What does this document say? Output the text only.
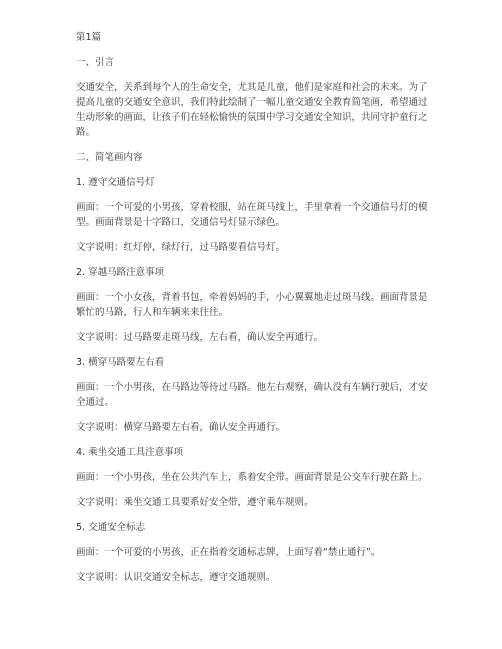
第1篇

一、引言

交通安全，关系到每个人的生命安全，尤其是儿童，他们是家庭和社会的未来。为了提高儿童的交通安全意识，我们特此绘制了一幅儿童交通安全教育简笔画，希望通过生动形象的画面，让孩子们在轻松愉快的氛围中学习交通安全知识，共同守护童行之路。

二、简笔画内容

1. 遵守交通信号灯

画面：一个可爱的小男孩，穿着校服，站在斑马线上，手里拿着一个交通信号灯的模型。画面背景是十字路口，交通信号灯显示绿色。

文字说明：红灯停，绿灯行，过马路要看信号灯。

2. 穿越马路注意事项

画面：一个小女孩，背着书包，牵着妈妈的手，小心翼翼地走过斑马线。画面背景是繁忙的马路，行人和车辆来来往往。

文字说明：过马路要走斑马线，左右看，确认安全再通行。

3. 横穿马路要左右看

画面：一个小男孩，在马路边等待过马路。他左右观察，确认没有车辆行驶后，才安全通过。

文字说明：横穿马路要左右看，确认安全再通行。

4. 乘坐交通工具注意事项

画面：一个小男孩，坐在公共汽车上，系着安全带。画面背景是公交车行驶在路上。

文字说明：乘坐交通工具要系好安全带，遵守乘车规则。

5. 交通安全标志

画面：一个可爱的小男孩，正在指着交通标志牌，上面写着“禁止通行”。

文字说明：认识交通安全标志，遵守交通规则。
